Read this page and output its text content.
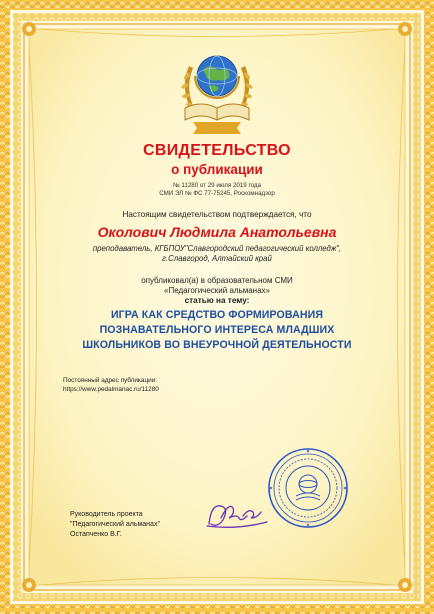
СВИДЕТЕЛЬСТВО
о публикации
№ 11280 от 29 июля 2019 года
СМИ ЭЛ № ФС 77-75245, Роскомнадзор
Настоящим свидетельством подтверждается, что
Околович Людмила Анатольевна
преподаватель, КГБПОУ"Славгородский педагогический колледж",
г.Славгород, Алтайский край
опубликовал(а) в образовательном СМИ
«Педагогический альманах»
статью на тему:
ИГРА КАК СРЕДСТВО ФОРМИРОВАНИЯ
ПОЗНАВАТЕЛЬНОГО ИНТЕРЕСА МЛАДШИХ
ШКОЛЬНИКОВ ВО ВНЕУРОЧНОЙ ДЕЯТЕЛЬНОСТИ
Постоянный адрес публикации:
https://www.pedalmanac.ru/11280
Руководитель проекта
"Педагогический альманах"
Остапченко В.Г.
